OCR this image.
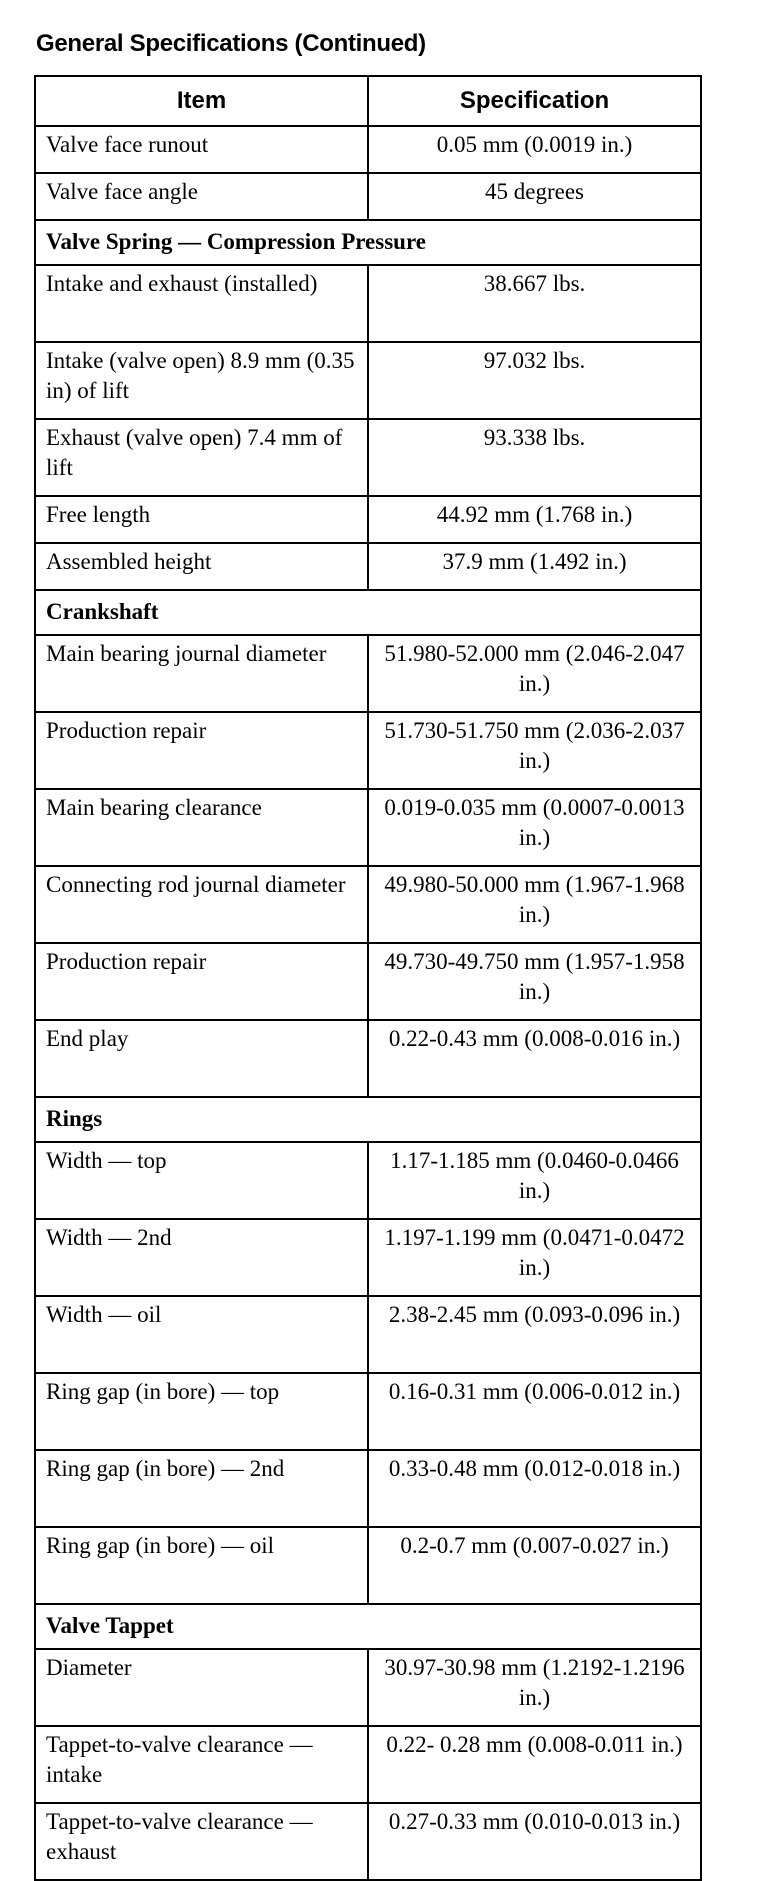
General Specifications (Continued)
Item	Specification
Valve face runout	0.05 mm (0.0019 in.)
Valve face angle	45 degrees
Valve Spring — Compression Pressure	
Intake and exhaust (installed)	38.667 lbs.
Intake (valve open) 8.9 mm (0.35 in) of lift	97.032 lbs.
Exhaust (valve open) 7.4 mm of lift	93.338 lbs.
Free length	44.92 mm (1.768 in.)
Assembled height	37.9 mm (1.492 in.)
Crankshaft	
Main bearing journal diameter	51.980-52.000 mm (2.046-2.047 in.)
Production repair	51.730-51.750 mm (2.036-2.037 in.)
Main bearing clearance	0.019-0.035 mm (0.0007-0.0013 in.)
Connecting rod journal diameter	49.980-50.000 mm (1.967-1.968 in.)
Production repair	49.730-49.750 mm (1.957-1.958 in.)
End play	0.22-0.43 mm (0.008-0.016 in.)
Rings	
Width — top	1.17-1.185 mm (0.0460-0.0466 in.)
Width — 2nd	1.197-1.199 mm (0.0471-0.0472 in.)
Width — oil	2.38-2.45 mm (0.093-0.096 in.)
Ring gap (in bore) — top	0.16-0.31 mm (0.006-0.012 in.)
Ring gap (in bore) — 2nd	0.33-0.48 mm (0.012-0.018 in.)
Ring gap (in bore) — oil	0.2-0.7 mm (0.007-0.027 in.)
Valve Tappet	
Diameter	30.97-30.98 mm (1.2192-1.2196 in.)
Tappet-to-valve clearance — intake	0.22- 0.28 mm (0.008-0.011 in.)
Tappet-to-valve clearance — exhaust	0.27-0.33 mm (0.010-0.013 in.)
